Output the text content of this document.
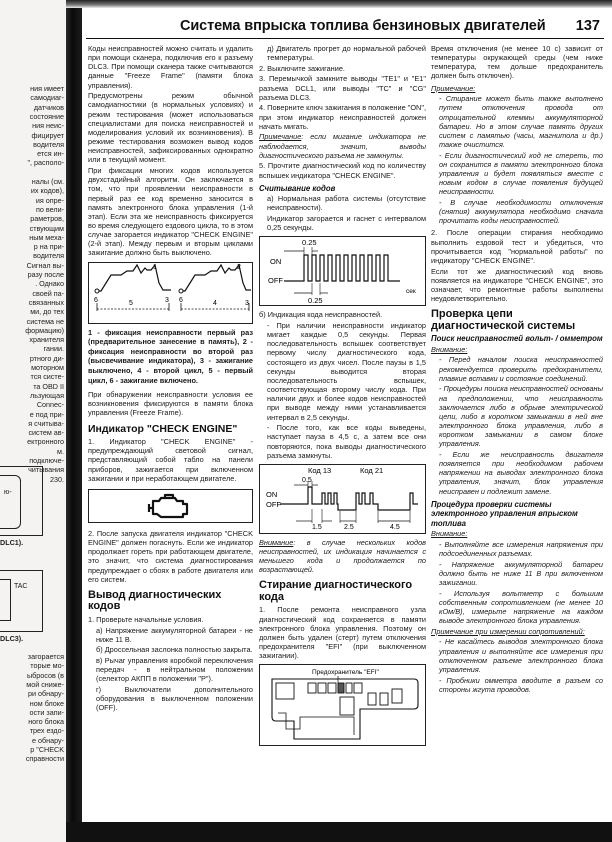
ния имеет
самодиаг-
датчиков
состояние
ния неис-
фицирует
водителя
ется ин-
", располо-
налы (см.
их кодов),
ия опре-
по вели-
раметров,
ствующим
ным меха-
р на при-
водителя
Сигнал вы-
разу после
. Однако
своей па-
связанных
ми, до тех
система не
формацию)
хранителя
гании.
ртного ди-
моторном
тся систе-
та OBD II
льзующая
Connec-
е под при-
я считыва-
систем ав-
ектронного
м.
подключе-
читывания
230.
ю-
DLC1).
TAC
DLC3).
загорается
торые мо-
ыбросов (в
мой сниже-
ри обнару-
ном блоке
ости запи-
ного блока
трех ездо-
е обнару-
р "CHECK
справности
Система впрыска топлива бензиновых двигателей 137

Коды неисправностей можно считать и удалить при помощи сканера, подключив его к разъему DLC3. При помощи сканера также считываются данные "Freeze Frame" (памяти блока управления).

Предусмотрены режим обычной самодиагностики (в нормальных условиях) и режим тестирования (может использоваться специалистами для поиска неисправностей и моделирования условий их возникновения). В режиме тестирования возможен вывод кодов неисправностей, зафиксированных однократно или в текущий момент.

При фиксации многих кодов используется двухстадийный алгоритм. Он заключается в том, что при проявлении неисправности в первый раз ее код временно заносится в память электронного блока управления (1-й этап). Если эта же неисправность фиксируется во время следующего ездового цикла, то в этом случае загорается индикатор "CHECK ENGINE" (2-й этап). Между первым и вторым циклами зажигание должно быть выключено.

1	2
6	5	3 6	4	3

1 - фиксация неисправности первый раз (предварительное занесение в память), 2 - фиксация неисправности во второй раз (высвечивание индикатора), 3 - зажигание выключено, 4 - второй цикл, 5 - первый цикл, 6 - зажигание включено.

При обнаружении неисправности условия ее возникновения фиксируются в памяти блока управления (Freeze Frame).

Индикатор "CHECK ENGINE"

1. Индикатор "CHECK ENGINE" - предупреждающий световой сигнал, представляющий собой табло на панели приборов, зажигается при включенном зажигании и при неработающем двигателе.

2. После запуска двигателя индикатор "CHECK ENGINE" должен погаснуть. Если же индикатор продолжает гореть при работающем двигателе, это значит, что система диагностирования предупреждает о сбоях в работе двигателя или его систем.

Вывод диагностических кодов

1. Проверьте начальные условия.

а) Напряжение аккумуляторной батареи - не ниже 11 В.

б) Дроссельная заслонка полностью закрыта.

в) Рычаг управления коробкой переключения передач - в нейтральном положении (селектор АКПП в положении "P").

г) Выключатели дополнительного оборудования в выключенном положении (OFF).

д) Двигатель прогрет до нормальной рабочей температуры.

2. Выключите зажигание.

3. Перемычкой замкните выводы "TE1" и "E1" разъема DCL1, или выводы "TC" и "CG" разъема DLC3.

4. Поверните ключ зажигания в положение "ON", при этом индикатор неисправностей должен начать мигать.

Примечание: если мигание индикатора не наблюдается, значит, выводы диагностического разъема не замкнуты.

5. Прочтите диагностический код по количеству вспышек индикатора "CHECK ENGINE".

Считывание кодов

а) Нормальная работа системы (отсутствие неисправности).

Индикатор загорается и гаснет с интервалом 0,25 секунды.

0.25
ON
OFF
сек
0.25

б) Индикация кода неисправностей.

- При наличии неисправности индикатор мигает каждые 0,5 секунды. Первая последовательность вспышек соответствует первому числу диагностического кода, состоящего из двух чисел. После паузы в 1,5 секунды выводится вторая последовательность вспышек, соответствующая второму числу кода. При наличии двух и более кодов неисправностей при выводе между ними устанавливается интервал в 2,5 секунды.

- После того, как все коды выведены, наступает пауза в 4,5 с, а затем все они повторяются, пока выводы диагностического разъема замкнуты.

Код 13	Код 21
0.5
ON
OFF
1.5	2.5	4.5

Внимание: в случае нескольких кодов неисправностей, их индикация начинается с меньшего кода и продолжается по возрастающей.

Стирание диагностического кода

1. После ремонта неисправного узла диагностический код сохраняется в памяти электронного блока управления. Поэтому он должен быть удален (стерт) путем отключения предохранителя "EFI" (при выключенном зажигании).

Предохранитель "EFI"

Время отключения (не менее 10 с) зависит от температуры окружающей среды (чем ниже температура, тем дольше предохранитель должен быть отключен).

Примечание:

- Стирание может быть также выполнено путем отключения провода от отрицательной клеммы аккумуляторной батареи. Но в этом случае память других систем с памятью (часы, магнитола и др.) также очистится.

- Если диагностический код не стереть, то он сохранится в памяти электронного блока управления и будет появляться вместе с новым кодом в случае появления будущей неисправности.

- В случае необходимости отключения (снятия) аккумулятора необходимо сначала прочитать коды неисправностей.

2. После операции стирания необходимо выполнить ездовой тест и убедиться, что прочитывается код "нормальной работы" по индикатору "CHECK ENGINE".

Если тот же диагностический код вновь появляется на индикаторе "CHECK ENGINE", это означает, что ремонтные работы выполнены неудовлетворительно.

Проверка цепи диагностической системы
Поиск неисправностей вольт- / омметром

Внимание:

- Перед началом поиска неисправностей рекомендуется проверить предохранители, плавкие вставки и состояние соединений.

- Процедуры поиска неисправностей основаны на предположении, что неисправность заключается либо в обрыве электрической цепи, либо в коротком замыкании в ней вне электронного блока управления, либо в коротком замыкании в самом блоке управления.

- Если же неисправность двигателя появляется при необходимом рабочем напряжении на выводах электронного блока управления, значит, блок управления неисправен и подлежит замене.

Процедура проверки системы электронного управления впрыском топлива

Внимание:

- Выполняйте все измерения напряжения при подсоединенных разъемах.

- Напряжение аккумуляторной батареи должно быть не ниже 11 В при включенном зажигании.

- Используя вольтметр с большим собственным сопротивлением (не менее 10 кОм/В), измерьте напряжение на каждом выводе электронного блока управления.

Примечание при измерении сопротивлений:

- Не касайтесь выводов электронного блока управления и выполняйте все измерения при отключенном разъеме электронного блока управления.

- Пробники омметра вводите в разъем со стороны жгута проводов.
